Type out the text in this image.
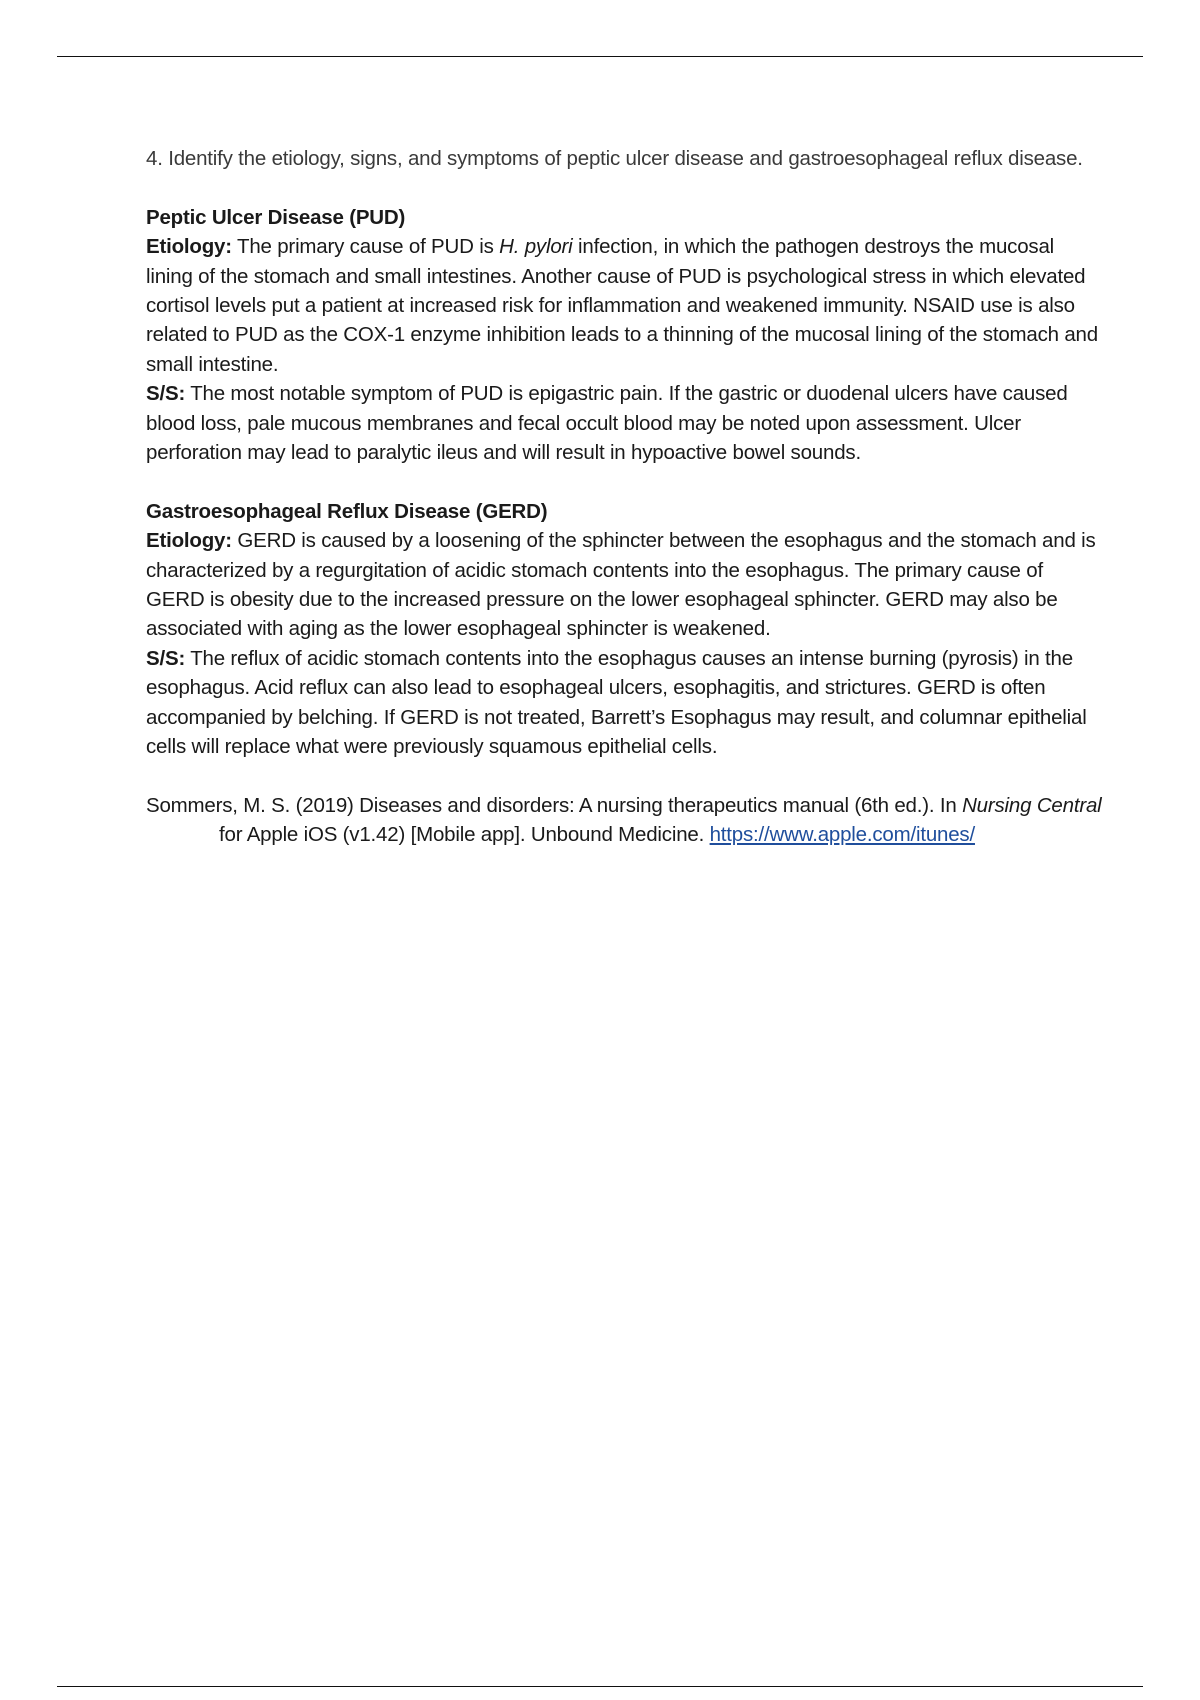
4. Identify the etiology, signs, and symptoms of peptic ulcer disease and gastroesophageal reflux disease.

Peptic Ulcer Disease (PUD)

Etiology: The primary cause of PUD is H. pylori infection, in which the pathogen destroys the mucosal lining of the stomach and small intestines. Another cause of PUD is psychological stress in which elevated cortisol levels put a patient at increased risk for inflammation and weakened immunity. NSAID use is also related to PUD as the COX-1 enzyme inhibition leads to a thinning of the mucosal lining of the stomach and small intestine.

S/S: The most notable symptom of PUD is epigastric pain. If the gastric or duodenal ulcers have caused blood loss, pale mucous membranes and fecal occult blood may be noted upon assessment. Ulcer perforation may lead to paralytic ileus and will result in hypoactive bowel sounds.

Gastroesophageal Reflux Disease (GERD)

Etiology: GERD is caused by a loosening of the sphincter between the esophagus and the stomach and is characterized by a regurgitation of acidic stomach contents into the esophagus. The primary cause of GERD is obesity due to the increased pressure on the lower esophageal sphincter. GERD may also be associated with aging as the lower esophageal sphincter is weakened.

S/S: The reflux of acidic stomach contents into the esophagus causes an intense burning (pyrosis) in the esophagus. Acid reflux can also lead to esophageal ulcers, esophagitis, and strictures. GERD is often accompanied by belching. If GERD is not treated, Barrett’s Esophagus may result, and columnar epithelial cells will replace what were previously squamous epithelial cells.

Sommers, M. S. (2019) Diseases and disorders: A nursing therapeutics manual (6th ed.). In Nursing Central for Apple iOS (v1.42) [Mobile app]. Unbound Medicine. https://www.apple.com/itunes/
